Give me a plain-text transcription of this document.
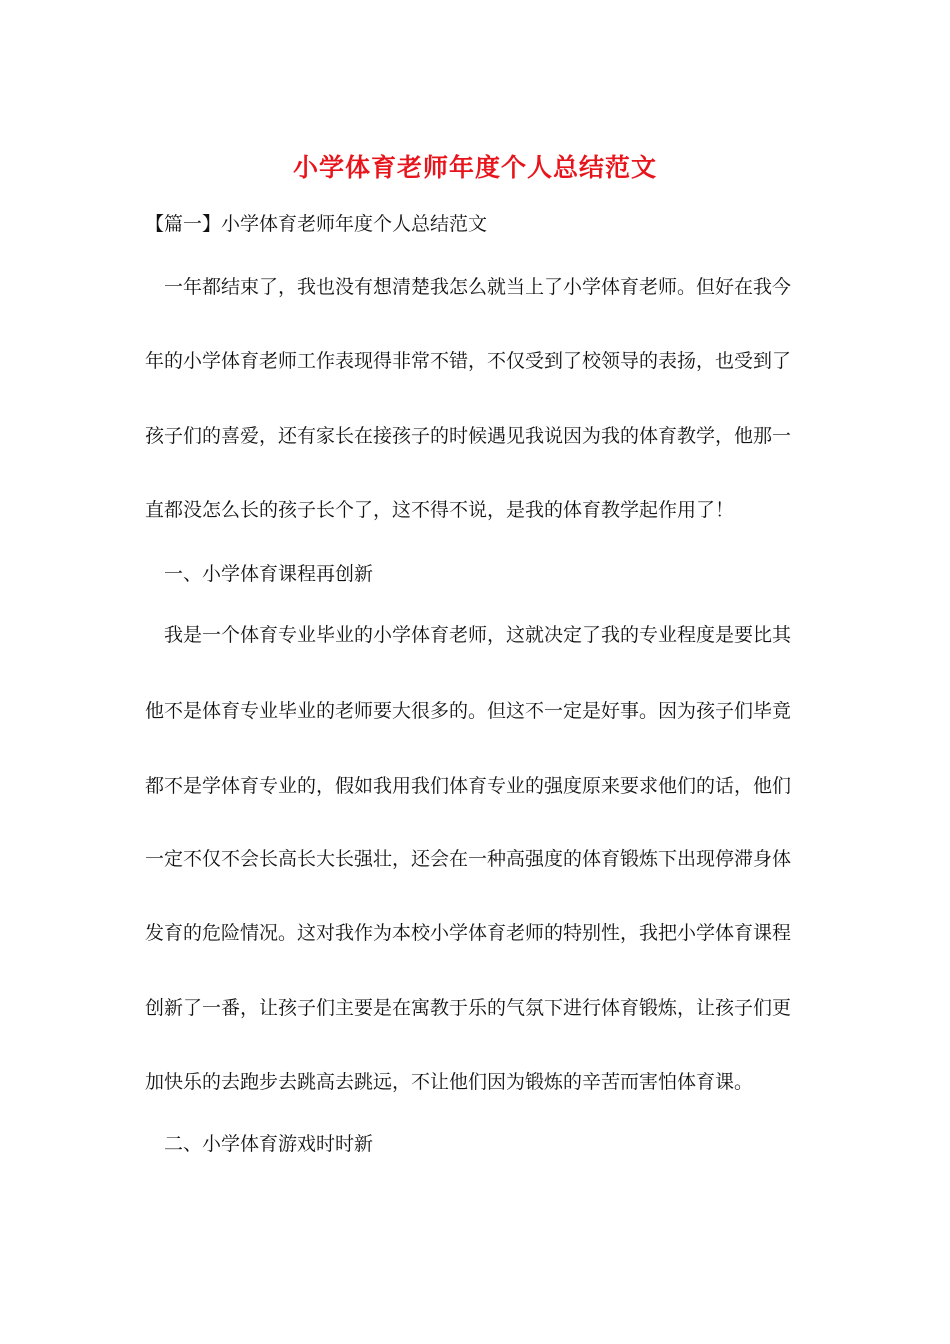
小学体育老师年度个人总结范文
【篇一】小学体育老师年度个人总结范文
一年都结束了，我也没有想清楚我怎么就当上了小学体育老师。但好在我今
年的小学体育老师工作表现得非常不错，不仅受到了校领导的表扬，也受到了
孩子们的喜爱，还有家长在接孩子的时候遇见我说因为我的体育教学，他那一
直都没怎么长的孩子长个了，这不得不说，是我的体育教学起作用了！
一、小学体育课程再创新
我是一个体育专业毕业的小学体育老师，这就决定了我的专业程度是要比其
他不是体育专业毕业的老师要大很多的。但这不一定是好事。因为孩子们毕竟
都不是学体育专业的，假如我用我们体育专业的强度原来要求他们的话，他们
一定不仅不会长高长大长强壮，还会在一种高强度的体育锻炼下出现停滞身体
发育的危险情况。这对我作为本校小学体育老师的特别性，我把小学体育课程
创新了一番，让孩子们主要是在寓教于乐的气氛下进行体育锻炼，让孩子们更
加快乐的去跑步去跳高去跳远，不让他们因为锻炼的辛苦而害怕体育课。
二、小学体育游戏时时新
